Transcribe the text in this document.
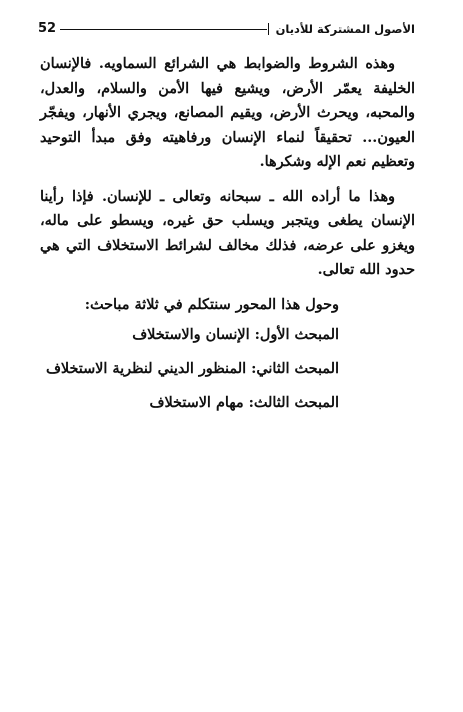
52	الأصول المشتركة للأديان

وهذه الشروط والضوابط هي الشرائع السماويه. فالإنسان الخليفة يعمّر الأرض، ويشيع فيها الأمن والسلام، والعدل، والمحبه، ويحرث الأرض، ويقيم المصانع، ويجري الأنهار، ويفجّر العيون... تحقيقاً لنماء الإنسان ورفاهيته وفق مبدأ التوحيد وتعظيم نعم الإله وشكرها.

وهذا ما أراده الله ـ سبحانه وتعالى ـ للإنسان. فإذا رأينا الإنسان يطغى ويتجبر ويسلب حق غيره، ويسطو على ماله، ويغزو على عرضه، فذلك مخالف لشرائط الاستخلاف التي هي حدود الله تعالى.

وحول هذا المحور سنتكلم في ثلاثة مباحث:

المبحث الأول: الإنسان والاستخلاف
المبحث الثاني: المنظور الديني لنظرية الاستخلاف
المبحث الثالث: مهام الاستخلاف
